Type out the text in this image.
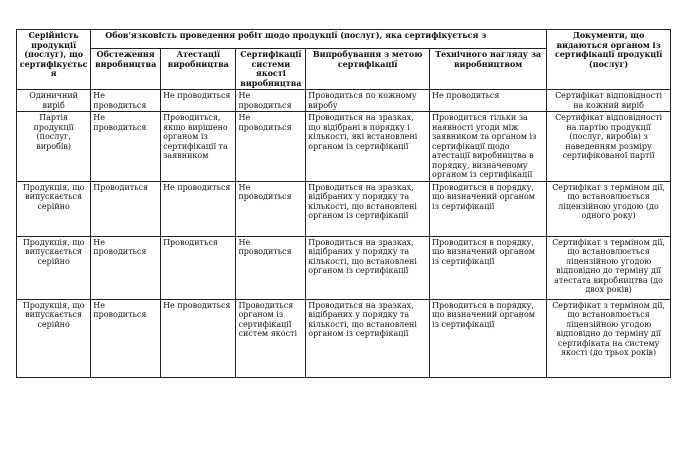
Серійність продукції (послуг), що сертифікується	Обов'язковість проведення робіт щодо продукції (послуг), яка сертифікується з					Документи, що видаються органом із сертифікації продукції (послуг)
	Обстеження виробництва	Атестації виробництва	Сертифікації системи якості виробництва	Випробування з метою сертифікації	Технічного нагляду за виробництвом	
Одиничний виріб	Не проводиться	Не проводиться	Не проводиться	Проводиться по кожному виробу	Не проводиться	Сертифікат відповідності на кожний виріб
Партія продукції (послуг, виробів)	Не проводиться	Проводиться, якщо вирішено органом із сертифікації та заявником	Не проводиться	Проводиться на зразках, що відібрані в порядку і кількості, які встановлені органом із сертифікації	Проводиться тільки за наявності угоди між заявником та органом із сертифікації щодо атестації виробництва в порядку, визначеному органом із сертифікації	Сертифікат відповідності на партію продукції (послуг, виробів) з наведенням розміру сертифікованої партії
Продукція, що випускається серійно	Проводиться	Не проводиться	Не проводиться	Проводиться на зразках, відібраних у порядку та кількості, що встановлені органом із сертифікації	Проводиться в порядку, що визначений органом із сертифікації	Сертифікат з терміном дії, що встановлюється ліцензійною угодою (до одного року)
Продукція, що випускається серійно	Не проводиться	Проводиться	Не проводиться	Проводиться на зразках, відібраних у порядку та кількості, що встановлені органом із сертифікації	Проводиться в порядку, що визначений органом із сертифікації	Сертифікат з терміном дії, що встановлюється ліцензійною угодою відповідно до терміну дії атестата виробництва (до двох років)
Продукція, що випускається серійно	Не проводиться	Не проводиться	Проводиться органом із сертифікації систем якості	Проводиться на зразках, відібраних у порядку та кількості, що встановлені органом із сертифікації	Проводиться в порядку, що визначений органом із сертифікації	Сертифікат з терміном дії, що встановлюється ліцензійною угодою відповідно до терміну дії сертифіката на систему якості (до трьох років)
